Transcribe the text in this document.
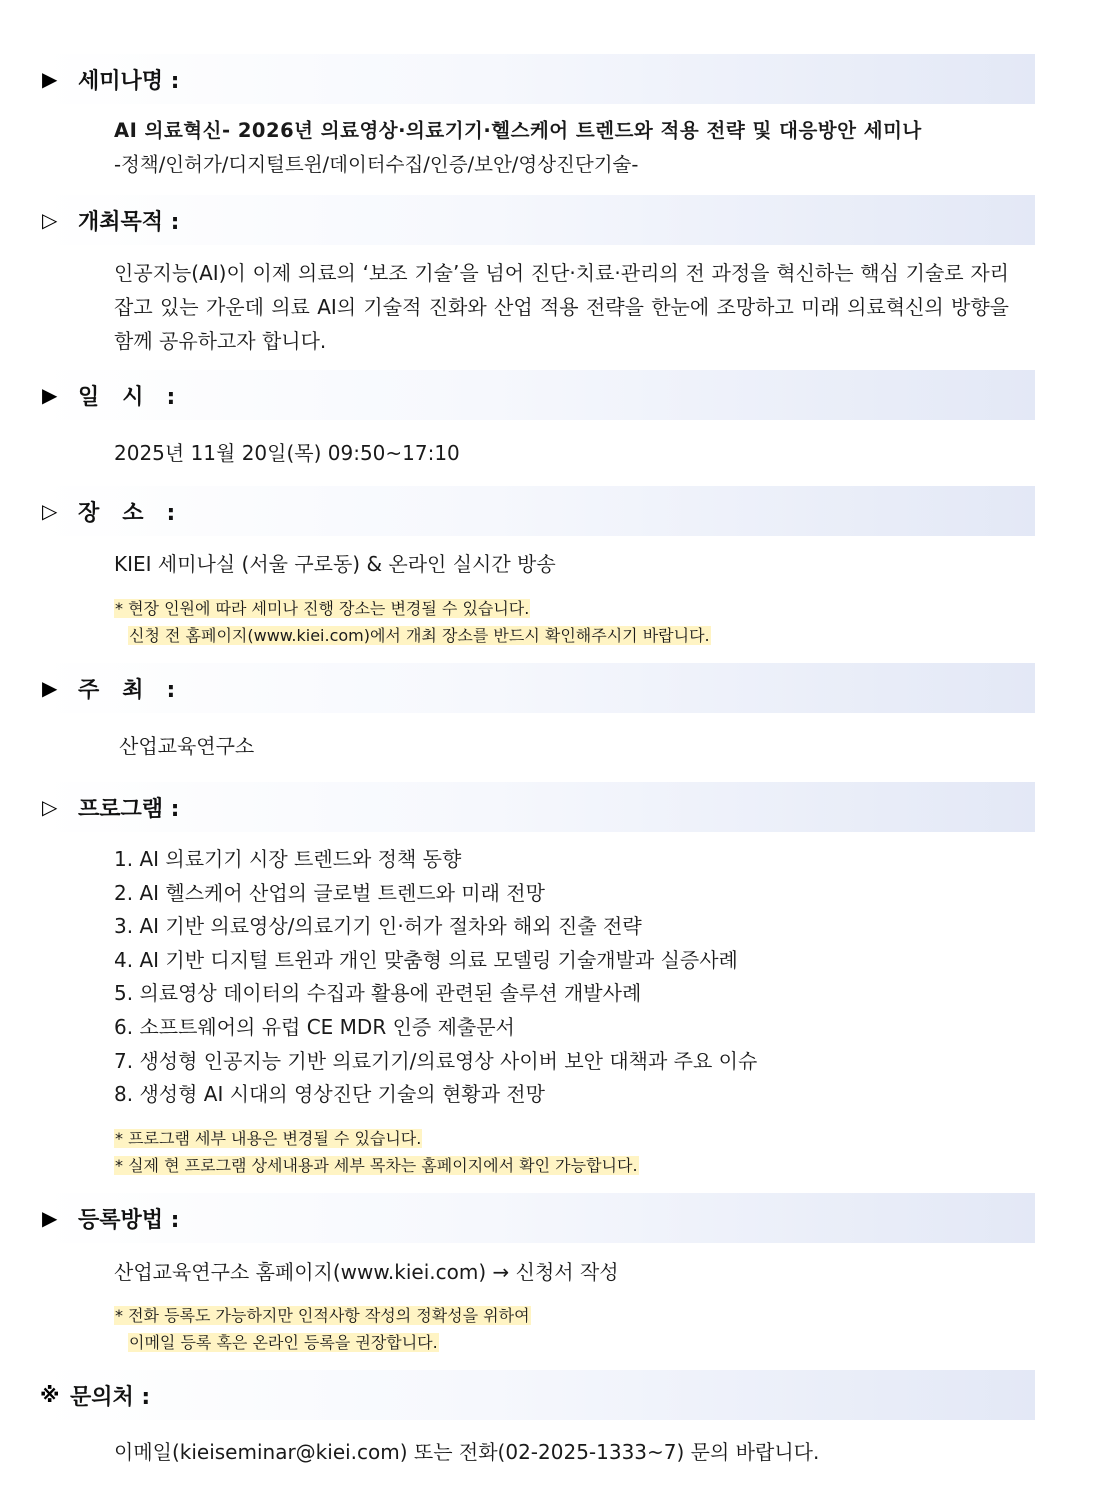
▶ 세미나명 :
AI 의료혁신- 2026년 의료영상·의료기기·헬스케어 트렌드와 적용 전략 및 대응방안 세미나
-정책/인허가/디지털트윈/데이터수집/인증/보안/영상진단기술-
▷ 개최목적 :
인공지능(AI)이 이제 의료의 ‘보조 기술’을 넘어 진단·치료·관리의 전 과정을 혁신하는 핵심 기술로 자리 잡고 있는 가운데 의료 AI의 기술적 진화와 산업 적용 전략을 한눈에 조망하고 미래 의료혁신의 방향을 함께 공유하고자 합니다.
▶ 일   시   :
2025년 11월 20일(목) 09:50~17:10
▷ 장   소   :
KIEI 세미나실 (서울 구로동) & 온라인 실시간 방송
* 현장 인원에 따라 세미나 진행 장소는 변경될 수 있습니다.
신청 전 홈페이지(www.kiei.com)에서 개최 장소를 반드시 확인해주시기 바랍니다.
▶ 주   최   :
산업교육연구소
▷ 프로그램 :
1. AI 의료기기 시장 트렌드와 정책 동향
2. AI 헬스케어 산업의 글로벌 트렌드와 미래 전망
3. AI 기반 의료영상/의료기기 인·허가 절차와 해외 진출 전략
4. AI 기반 디지털 트윈과 개인 맞춤형 의료 모델링 기술개발과 실증사례
5. 의료영상 데이터의 수집과 활용에 관련된 솔루션 개발사례
6. 소프트웨어의 유럽 CE MDR 인증 제출문서
7. 생성형 인공지능 기반 의료기기/의료영상 사이버 보안 대책과 주요 이슈
8. 생성형 AI 시대의 영상진단 기술의 현황과 전망
* 프로그램 세부 내용은 변경될 수 있습니다.
* 실제 현 프로그램 상세내용과 세부 목차는 홈페이지에서 확인 가능합니다.
▶ 등록방법 :
산업교육연구소 홈페이지(www.kiei.com) → 신청서 작성
* 전화 등록도 가능하지만 인적사항 작성의 정확성을 위하여
이메일 등록 혹은 온라인 등록을 권장합니다.
※ 문의처 :
이메일(kieiseminar@kiei.com) 또는 전화(02-2025-1333~7) 문의 바랍니다.
